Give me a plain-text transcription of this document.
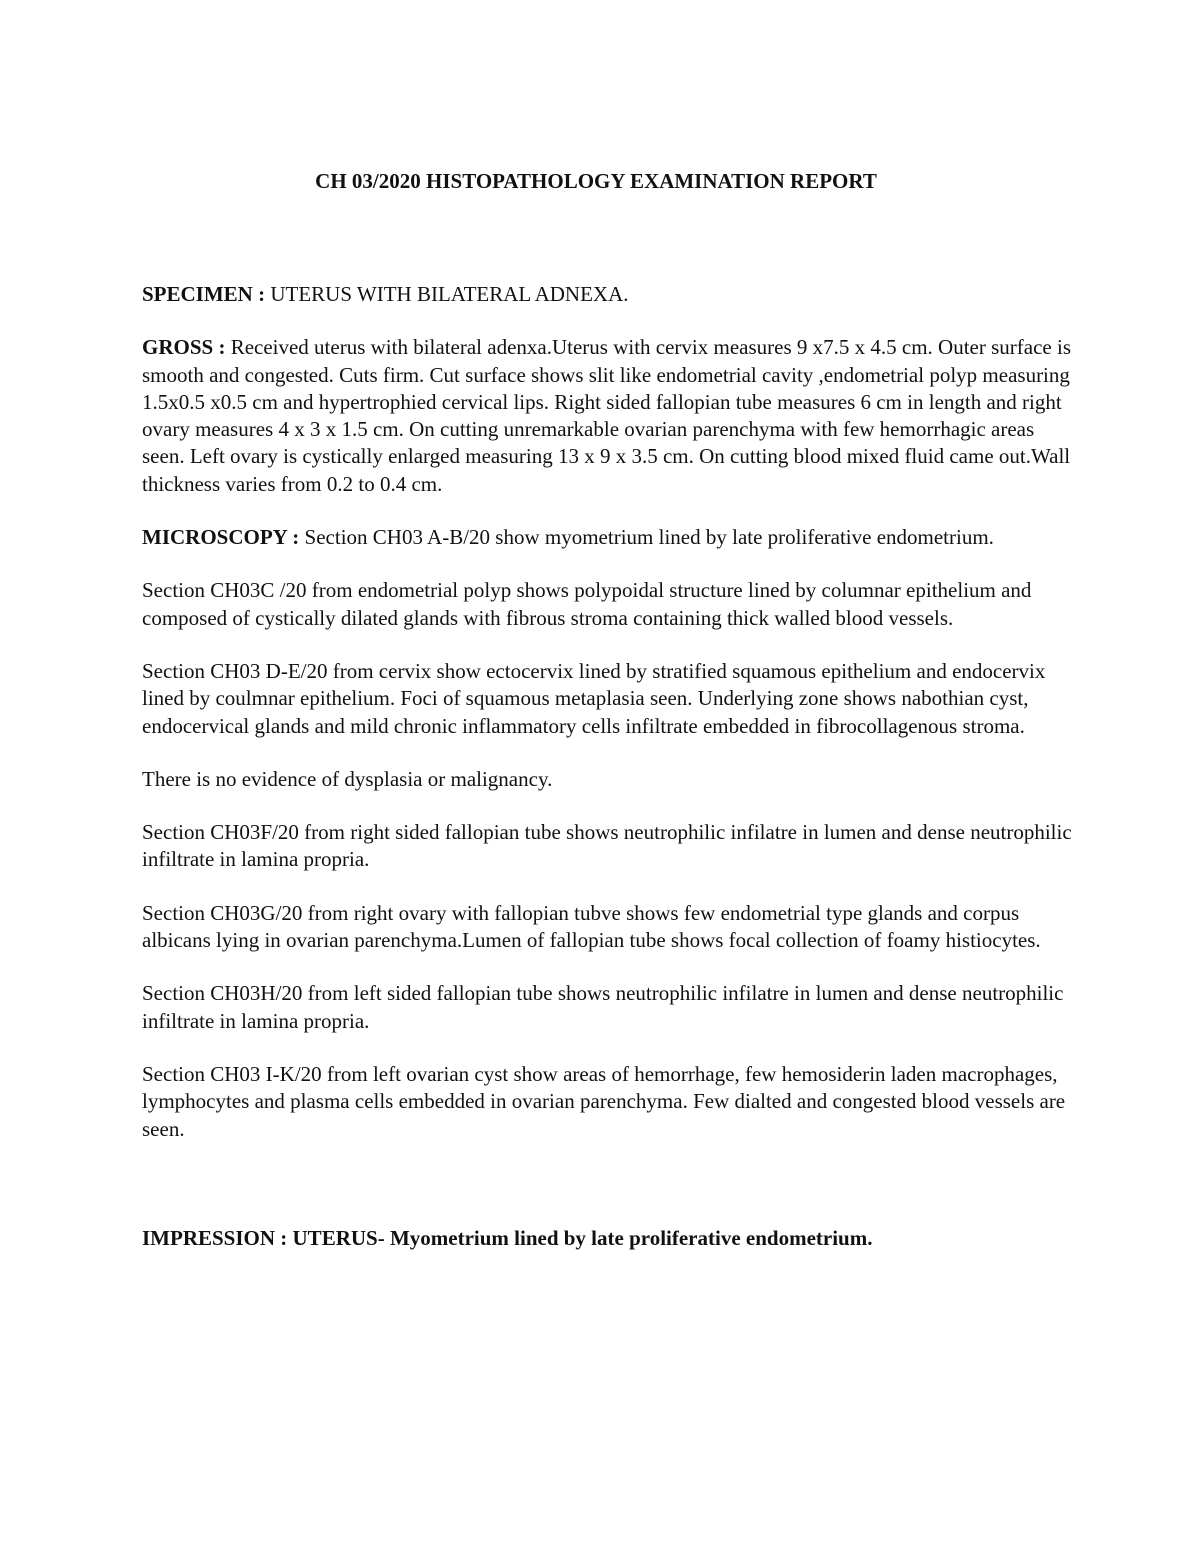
CH 03/2020 HISTOPATHOLOGY EXAMINATION REPORT

SPECIMEN : UTERUS WITH BILATERAL ADNEXA.

GROSS : Received uterus with bilateral adenxa.Uterus with cervix measures 9 x7.5 x 4.5 cm. Outer surface is smooth and congested. Cuts firm. Cut surface shows slit like endometrial cavity ,endometrial polyp measuring 1.5x0.5 x0.5 cm and hypertrophied cervical lips. Right sided fallopian tube measures 6 cm in length and right ovary measures 4 x 3 x 1.5 cm. On cutting unremarkable ovarian parenchyma with few hemorrhagic areas seen. Left ovary is cystically enlarged measuring 13 x 9 x 3.5 cm. On cutting blood mixed fluid came out.Wall thickness varies from 0.2 to 0.4 cm.

MICROSCOPY : Section CH03 A-B/20 show myometrium lined by late proliferative endometrium.

Section CH03C /20 from endometrial polyp shows polypoidal structure lined by columnar epithelium and composed of cystically dilated glands with fibrous stroma containing thick walled blood vessels.

Section CH03 D-E/20 from cervix show ectocervix lined by stratified squamous epithelium and endocervix lined by coulmnar epithelium. Foci of squamous metaplasia seen. Underlying zone shows nabothian cyst, endocervical glands and mild chronic inflammatory cells infiltrate embedded in fibrocollagenous stroma.

There is no evidence of dysplasia or malignancy.

Section CH03F/20 from right sided fallopian tube shows neutrophilic infilatre in lumen and dense neutrophilic infiltrate in lamina propria.

Section CH03G/20 from right ovary with fallopian tubve shows few endometrial type glands and corpus albicans lying in ovarian parenchyma.Lumen of fallopian tube shows focal collection of foamy histiocytes.

Section CH03H/20 from left sided fallopian tube shows neutrophilic infilatre in lumen and dense neutrophilic infiltrate in lamina propria.

Section CH03 I-K/20 from left ovarian cyst show areas of hemorrhage, few hemosiderin laden macrophages, lymphocytes and plasma cells embedded in ovarian parenchyma. Few dialted and congested blood vessels are seen.

IMPRESSION : UTERUS- Myometrium lined by late proliferative endometrium.
